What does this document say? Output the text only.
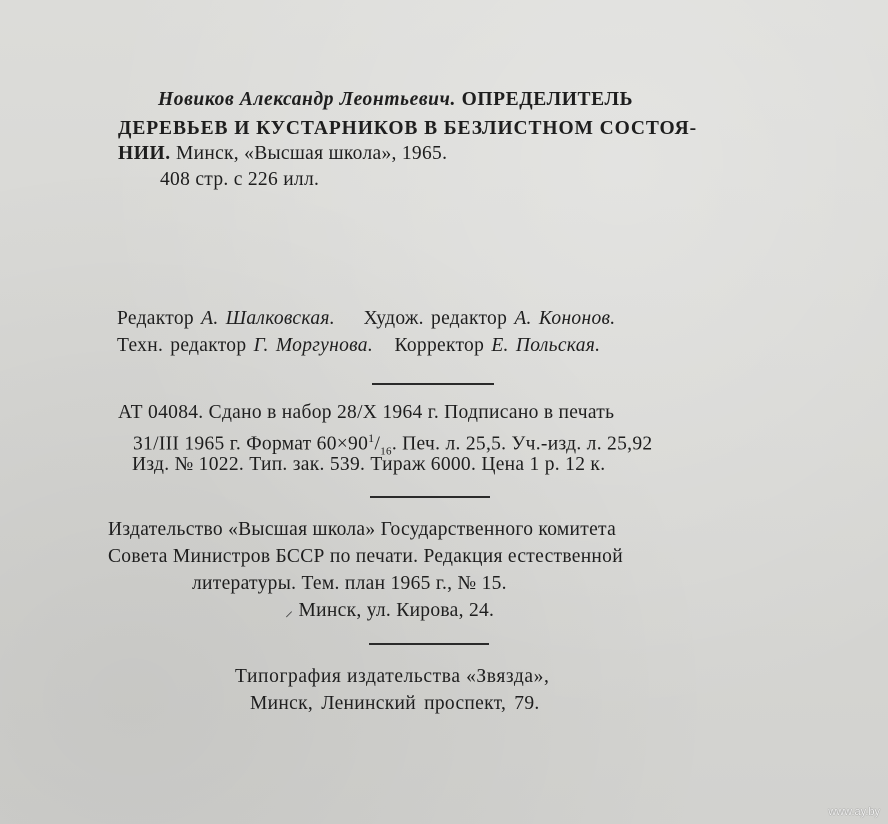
Новиков Александр Леонтьевич. ОПРЕДЕЛИТЕЛЬ
ДЕРЕВЬЕВ И КУСТАРНИКОВ В БЕЗЛИСТНОМ СОСТОЯ-
НИИ. Минск, «Высшая школа», 1965.
408 стр. с 226 илл.
Редактор А. Шалковская. Худож. редактор А. Кононов.
Техн. редактор Г. Моргунова. Корректор Е. Польская.
АТ 04084. Сдано в набор 28/X 1964 г. Подписано в печать
31/III 1965 г. Формат $60\times 90^1/_{16}$. Печ. л. 25,5. Уч.-изд. л. 25,92
Изд. № 1022. Тип. зак. 539. Тираж 6000. Цена 1 р. 12 к.
Издательство «Высшая школа» Государственного комитета
Совета Министров БССР по печати. Редакция естественной
литературы. Тем. план 1965 г., № 15.
⸝ Минск, ул. Кирова, 24.
Типография издательства «Звязда»,
Минск, Ленинский проспект, 79.
www.ay.by
